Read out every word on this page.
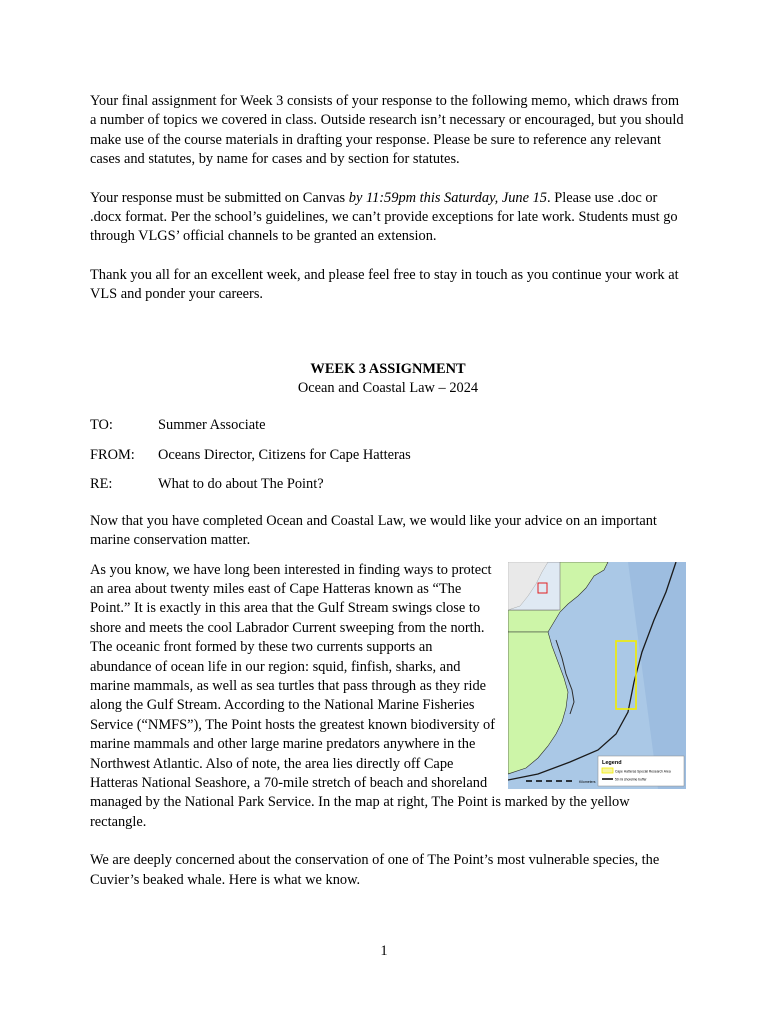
Your final assignment for Week 3 consists of your response to the following memo, which draws from a number of topics we covered in class. Outside research isn’t necessary or encouraged, but you should make use of the course materials in drafting your response. Please be sure to reference any relevant cases and statutes, by name for cases and by section for statutes.

Your response must be submitted on Canvas by 11:59pm this Saturday, June 15. Please use .doc or .docx format. Per the school’s guidelines, we can’t provide exceptions for late work. Students must go through VLGS’ official channels to be granted an extension.

Thank you all for an excellent week, and please feel free to stay in touch as you continue your work at VLS and ponder your careers.

WEEK 3 ASSIGNMENT
Ocean and Coastal Law – 2024
TO:	Summer Associate
FROM:	Oceans Director, Citizens for Cape Hatteras
RE:	What to do about The Point?

Now that you have completed Ocean and Coastal Law, we would like your advice on an important marine conservation matter.

Legend
Cape Hatteras Special Research Area
50 mi shoreline buffer
Kilometers

As you know, we have long been interested in finding ways to protect an area about twenty miles east of Cape Hatteras known as “The Point.” It is exactly in this area that the Gulf Stream swings close to shore and meets the cool Labrador Current sweeping from the north. The oceanic front formed by these two currents supports an abundance of ocean life in our region: squid, finfish, sharks, and marine mammals, as well as sea turtles that pass through as they ride along the Gulf Stream. According to the National Marine Fisheries Service (“NMFS”), The Point hosts the greatest known biodiversity of marine mammals and other large marine predators anywhere in the Northwest Atlantic. Also of note, the area lies directly off Cape Hatteras National Seashore, a 70-mile stretch of beach and shoreland managed by the National Park Service. In the map at right, The Point is marked by the yellow rectangle.

We are deeply concerned about the conservation of one of The Point’s most vulnerable species, the Cuvier’s beaked whale. Here is what we know.

1
